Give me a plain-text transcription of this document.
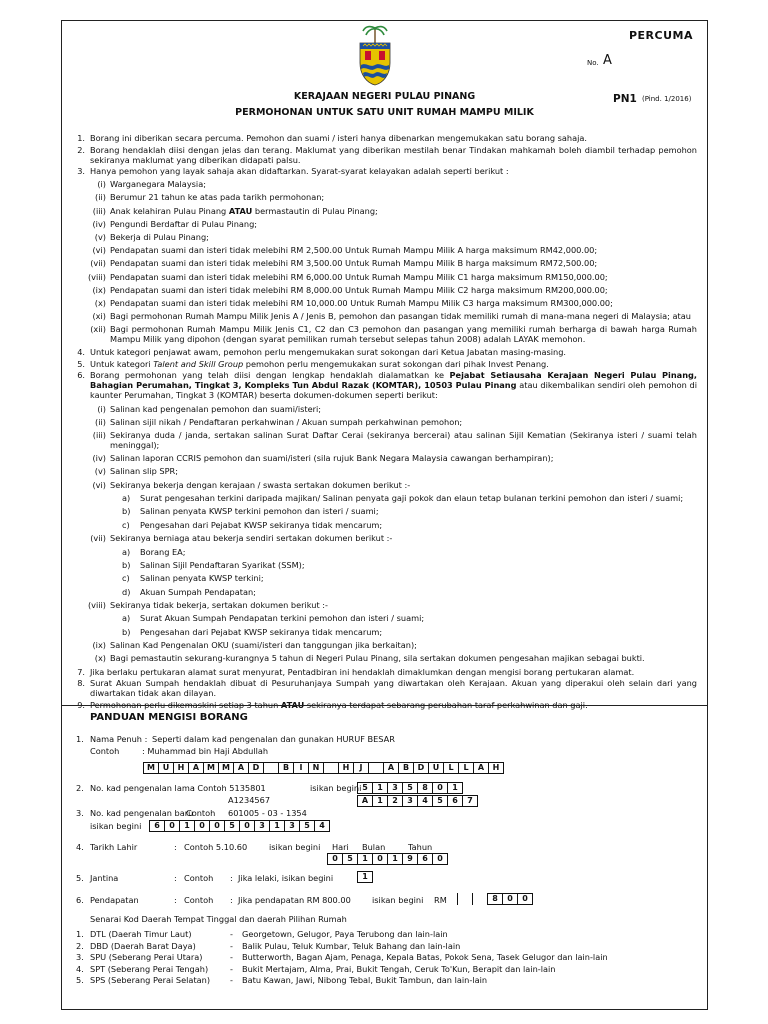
PERCUMA
No. A
KERAJAAN NEGERI PULAU PINANG
PERMOHONAN UNTUK SATU UNIT RUMAH MAMPU MILIK
PN1 (Pind. 1/2016)
1. Borang ini diberikan secara percuma. Pemohon dan suami / isteri hanya dibenarkan mengemukakan satu borang sahaja.
2. Borang hendaklah diisi dengan jelas dan terang. Maklumat yang diberikan mestilah benar Tindakan mahkamah boleh diambil terhadap pemohon sekiranya maklumat yang diberikan didapati palsu.
3. Hanya pemohon yang layak sahaja akan didaftarkan. Syarat-syarat kelayakan adalah seperti berikut :
(i) Warganegara Malaysia;
(ii) Berumur 21 tahun ke atas pada tarikh permohonan;
(iii) Anak kelahiran Pulau Pinang ATAU bermastautin di Pulau Pinang;
(iv) Pengundi Berdaftar di Pulau Pinang;
(v) Bekerja di Pulau Pinang;
(vi) Pendapatan suami dan isteri tidak melebihi RM 2,500.00 Untuk Rumah Mampu Milik A harga maksimum RM42,000.00;
(vii) Pendapatan suami dan isteri tidak melebihi RM 3,500.00 Untuk Rumah Mampu Milik B harga maksimum RM72,500.00;
(viii) Pendapatan suami dan isteri tidak melebihi RM 6,000.00 Untuk Rumah Mampu Milik C1 harga maksimum RM150,000.00;
(ix) Pendapatan suami dan isteri tidak melebihi RM 8,000.00 Untuk Rumah Mampu Milik C2 harga maksimum RM200,000.00;
(x) Pendapatan suami dan isteri tidak melebihi RM 10,000.00 Untuk Rumah Mampu Milik C3 harga maksimum RM300,000.00;
(xi) Bagi permohonan Rumah Mampu Milik Jenis A / Jenis B, pemohon dan pasangan tidak memiliki rumah di mana-mana negeri di Malaysia; atau
(xii) Bagi permohonan Rumah Mampu Milik Jenis C1, C2 dan C3 pemohon dan pasangan yang memiliki rumah berharga di bawah harga Rumah Mampu Milik yang dipohon (dengan syarat pemilikan rumah tersebut selepas tahun 2008) adalah LAYAK memohon.
4. Untuk kategori penjawat awam, pemohon perlu mengemukakan surat sokongan dari Ketua Jabatan masing-masing.
5. Untuk kategori Talent and Skill Group pemohon perlu mengemukakan surat sokongan dari pihak Invest Penang.
6. Borang permohonan yang telah diisi dengan lengkap hendaklah dialamatkan ke Pejabat Setiausaha Kerajaan Negeri Pulau Pinang, Bahagian Perumahan, Tingkat 3, Kompleks Tun Abdul Razak (KOMTAR), 10503 Pulau Pinang atau dikembalikan sendiri oleh pemohon di kaunter Perumahan, Tingkat 3 (KOMTAR) beserta dokumen-dokumen seperti berikut:
(i) Salinan kad pengenalan pemohon dan suami/isteri;
(ii) Salinan sijil nikah / Pendaftaran perkahwinan / Akuan sumpah perkahwinan pemohon;
(iii) Sekiranya duda / janda, sertakan salinan Surat Daftar Cerai (sekiranya bercerai) atau salinan Sijil Kematian (Sekiranya isteri / suami telah meninggal);
(iv) Salinan laporan CCRIS pemohon dan suami/isteri (sila rujuk Bank Negara Malaysia cawangan berhampiran);
(v) Salinan slip SPR;
(vi) Sekiranya bekerja dengan kerajaan / swasta sertakan dokumen berikut :-
a)	Surat pengesahan terkini daripada majikan/ Salinan penyata gaji pokok dan elaun tetap bulanan terkini pemohon dan isteri / suami;
b)	Salinan penyata KWSP terkini pemohon dan isteri / suami;
c)	Pengesahan dari Pejabat KWSP sekiranya tidak mencarum;
(vii) Sekiranya berniaga atau bekerja sendiri sertakan dokumen berikut :-
a)	Borang EA;
b)	Salinan Sijil Pendaftaran Syarikat (SSM);
c)	Salinan penyata KWSP terkini;
d)	Akuan Sumpah Pendapatan;
(viii) Sekiranya tidak bekerja, sertakan dokumen berikut :-
a)	Surat Akuan Sumpah Pendapatan terkini pemohon dan isteri / suami;
b)	Pengesahan dari Pejabat KWSP sekiranya tidak mencarum;
(ix) Salinan Kad Pengenalan OKU (suami/isteri dan tanggungan jika berkaitan);
(x) Bagi pemastautin sekurang-kurangnya 5 tahun di Negeri Pulau Pinang, sila sertakan dokumen pengesahan majikan sebagai bukti.
7. Jika berlaku pertukaran alamat surat menyurat, Pentadbiran ini hendaklah dimaklumkan dengan mengisi borang pertukaran alamat.
8. Surat Akuan Sumpah hendaklah dibuat di Pesuruhanjaya Sumpah yang diwartakan oleh Kerajaan. Akuan yang diperakui oleh selain dari yang diwartakan tidak akan dilayan.
9. Permohonan perlu dikemaskini setiap 3 tahun ATAU sekiranya terdapat sebarang perubahan taraf perkahwinan dan gaji.
PANDUAN MENGISI BORANG
1. Nama Penuh : Seperti dalam kad pengenalan dan gunakan HURUF BESAR
Contoh	: Muhammad bin Haji Abdullah
M U	H	A M M A	D	B	I	N	H	J	A	B	D	U	L	L	A	H
2. No. kad pengenalan lama
: Contoh 5135801
A1234567
isikan begini 5	1	3	5	8	0	1
A	1	2	3	4	5	6	7
3. No. kad pengenalan baru
Contoh 601005 - 03 - 1354
isikan begini	6	0	1	0	0	5	0	3	1	3	5	4
4. Tarikh Lahir	: Contoh 5.10.60	isikan begini Hari Bulan	Tahun
0	5	1	0	1	9	6	0
5. Jantina	: Contoh : Jika lelaki, isikan begini	1
6. Pendapatan	: Contoh : Jika pendapatan RM 800.00	isikan begini RM	8	0	0
Senarai Kod Daerah Tempat Tinggal dan daerah Pilihan Rumah
1. DTL (Daerah Timur Laut)	- Georgetown, Gelugor, Paya Terubong dan lain-lain
2. DBD (Daerah Barat Daya)	- Balik Pulau, Teluk Kumbar, Teluk Bahang dan lain-lain
3. SPU (Seberang Perai Utara)	- Butterworth, Bagan Ajam, Penaga, Kepala Batas, Pokok Sena, Tasek Gelugor dan lain-lain
4. SPT (Seberang Perai Tengah)	- Bukit Mertajam, Alma, Prai, Bukit Tengah, Ceruk To'Kun, Berapit dan lain-lain
5. SPS (Seberang Perai Selatan) - Batu Kawan, Jawi, Nibong Tebal, Bukit Tambun, dan lain-lain
